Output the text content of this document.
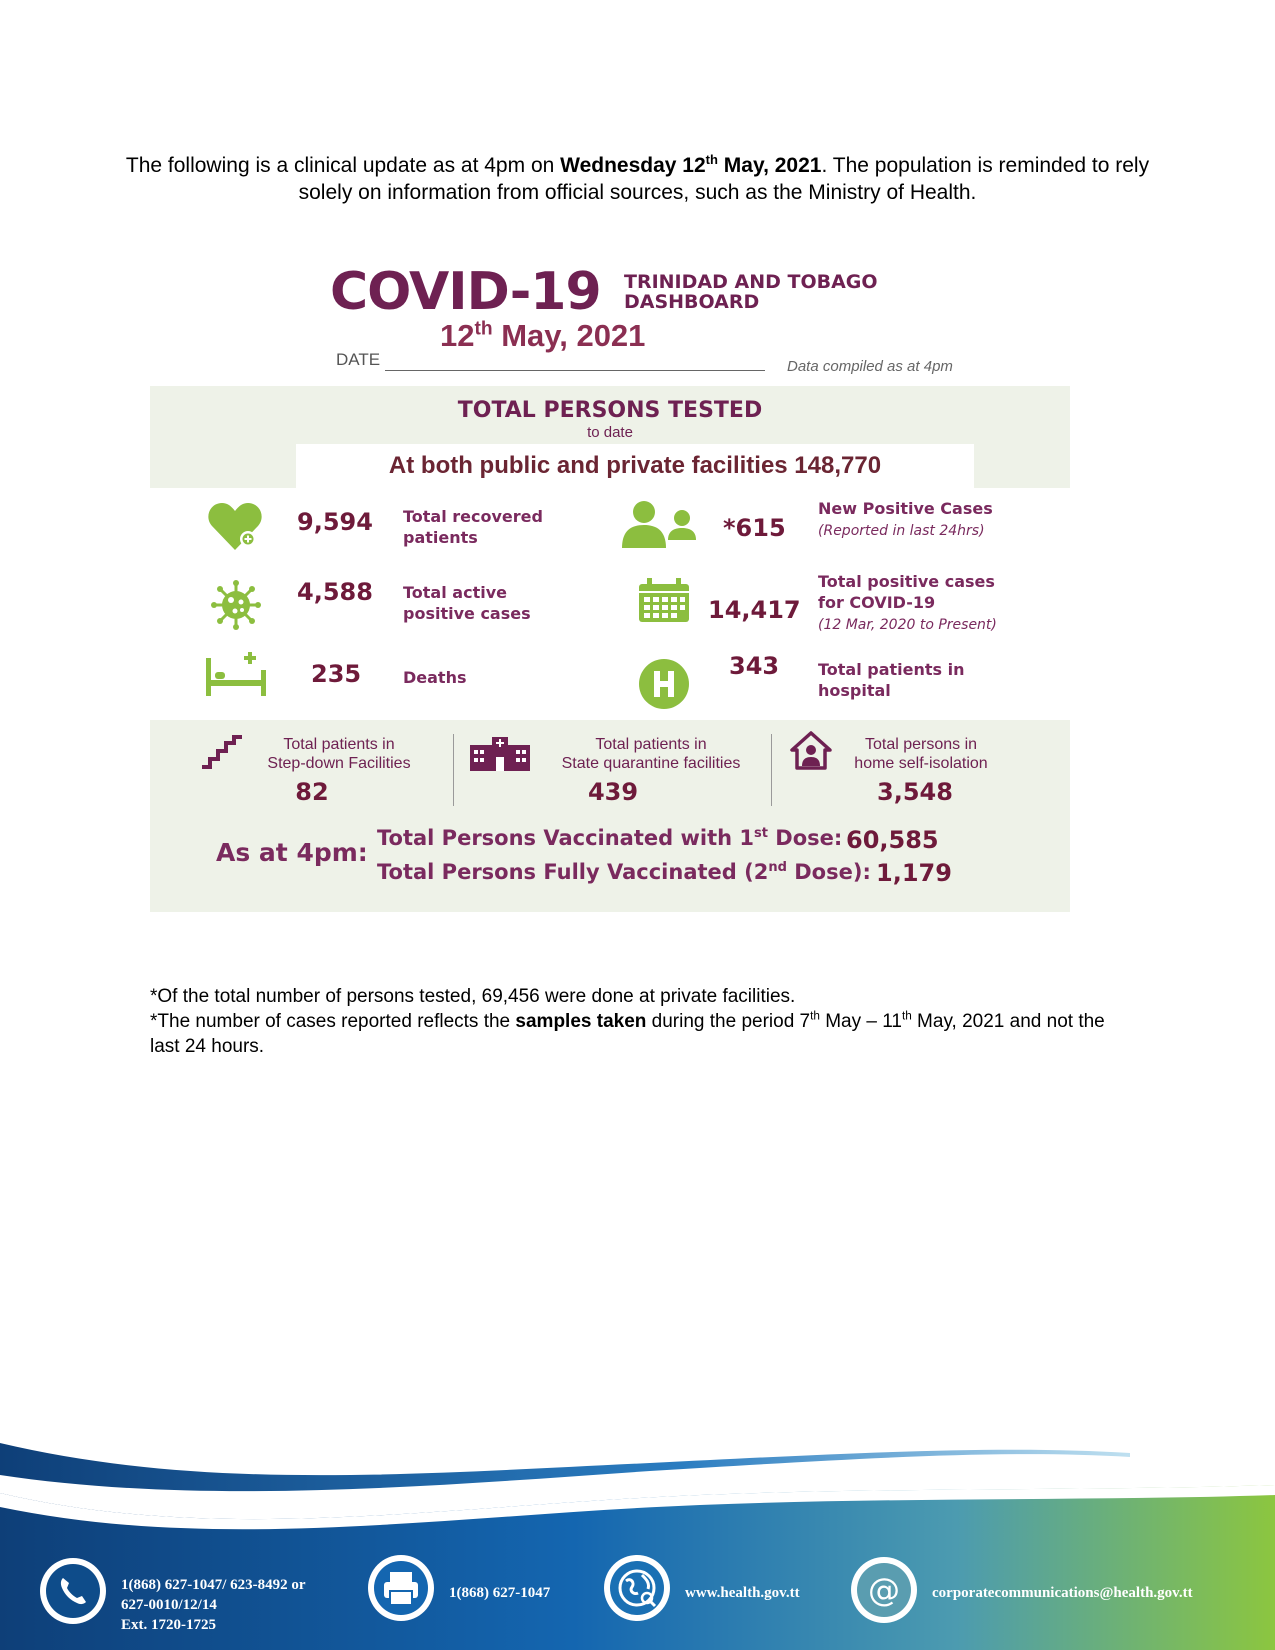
The following is a clinical update as at 4pm on Wednesday 12th May, 2021. The population is reminded to rely solely on information from official sources, such as the Ministry of Health.
COVID-19 TRINIDAD AND TOBAGO DASHBOARD
12th May, 2021
DATE	Data compiled as at 4pm
TOTAL PERSONS TESTED
to date
At both public and private facilities 148,770
9,594 Total recovered
patients
4,588 Total active
positive cases
235	Deaths
*615
New Positive Cases
(Reported in last 24hrs)
14,417
Total positive cases
for COVID-19
(12 Mar, 2020 to Present)
343 Total patients in
hospital
Total patients in
Step-down Facilities
82
Total patients in
State quarantine facilities
439
Total persons in
home self-isolation
3,548
As at 4pm: Total Persons Vaccinated with 1st Dose: 60,585
Total Persons Fully Vaccinated (2nd Dose): 1,179
*Of the total number of persons tested, 69,456 were done at private facilities.
*The number of cases reported reflects the samples taken during the period 7th May – 11th May, 2021 and not the last 24 hours.
1(868) 627-1047/ 623-8492 or
627-0010/12/14
Ext. 1720-1725
1(868) 627-1047	www.health.gov.tt @ corporatecommunications@health.gov.tt
